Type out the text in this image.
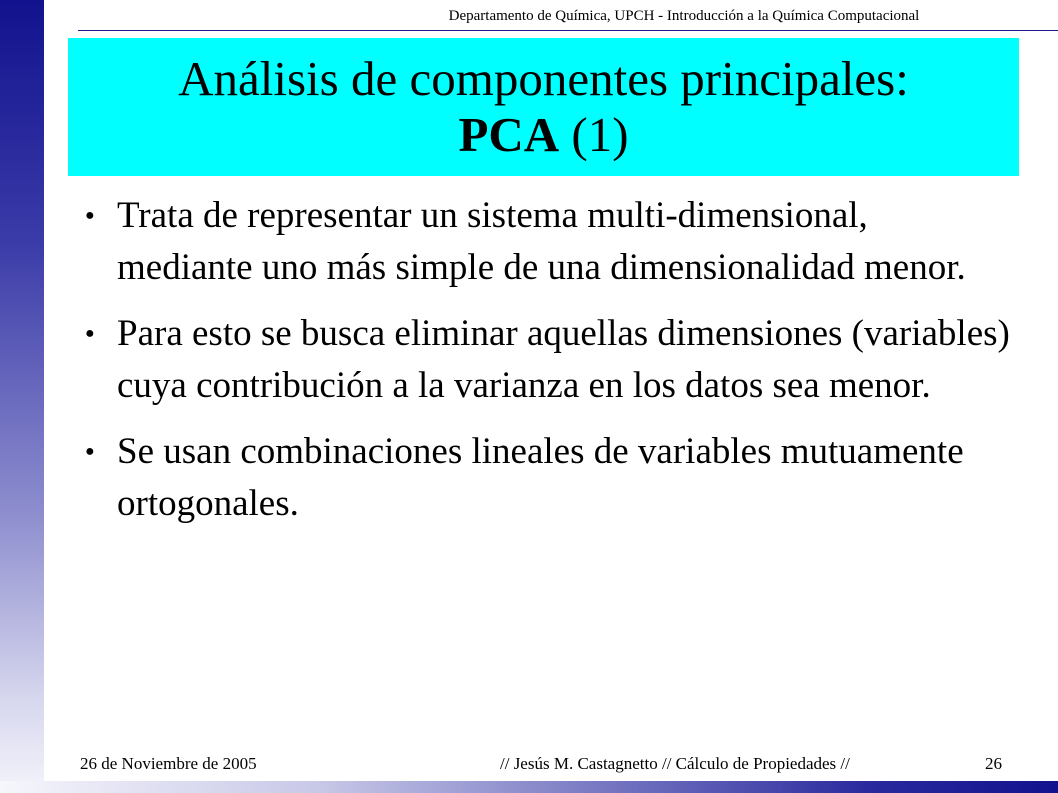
Departamento de Química, UPCH - Introducción a la Química Computacional
Análisis de componentes principales:
PCA (1)
● Trata de representar un sistema multi-dimensional, mediante uno más simple de una dimensionalidad menor.
● Para esto se busca eliminar aquellas dimensiones (variables) cuya contribución a la varianza en los datos sea menor.
● Se usan combinaciones lineales de variables mutuamente ortogonales.
26 de Noviembre de 2005	// Jesús M. Castagnetto // Cálculo de Propiedades //	26
